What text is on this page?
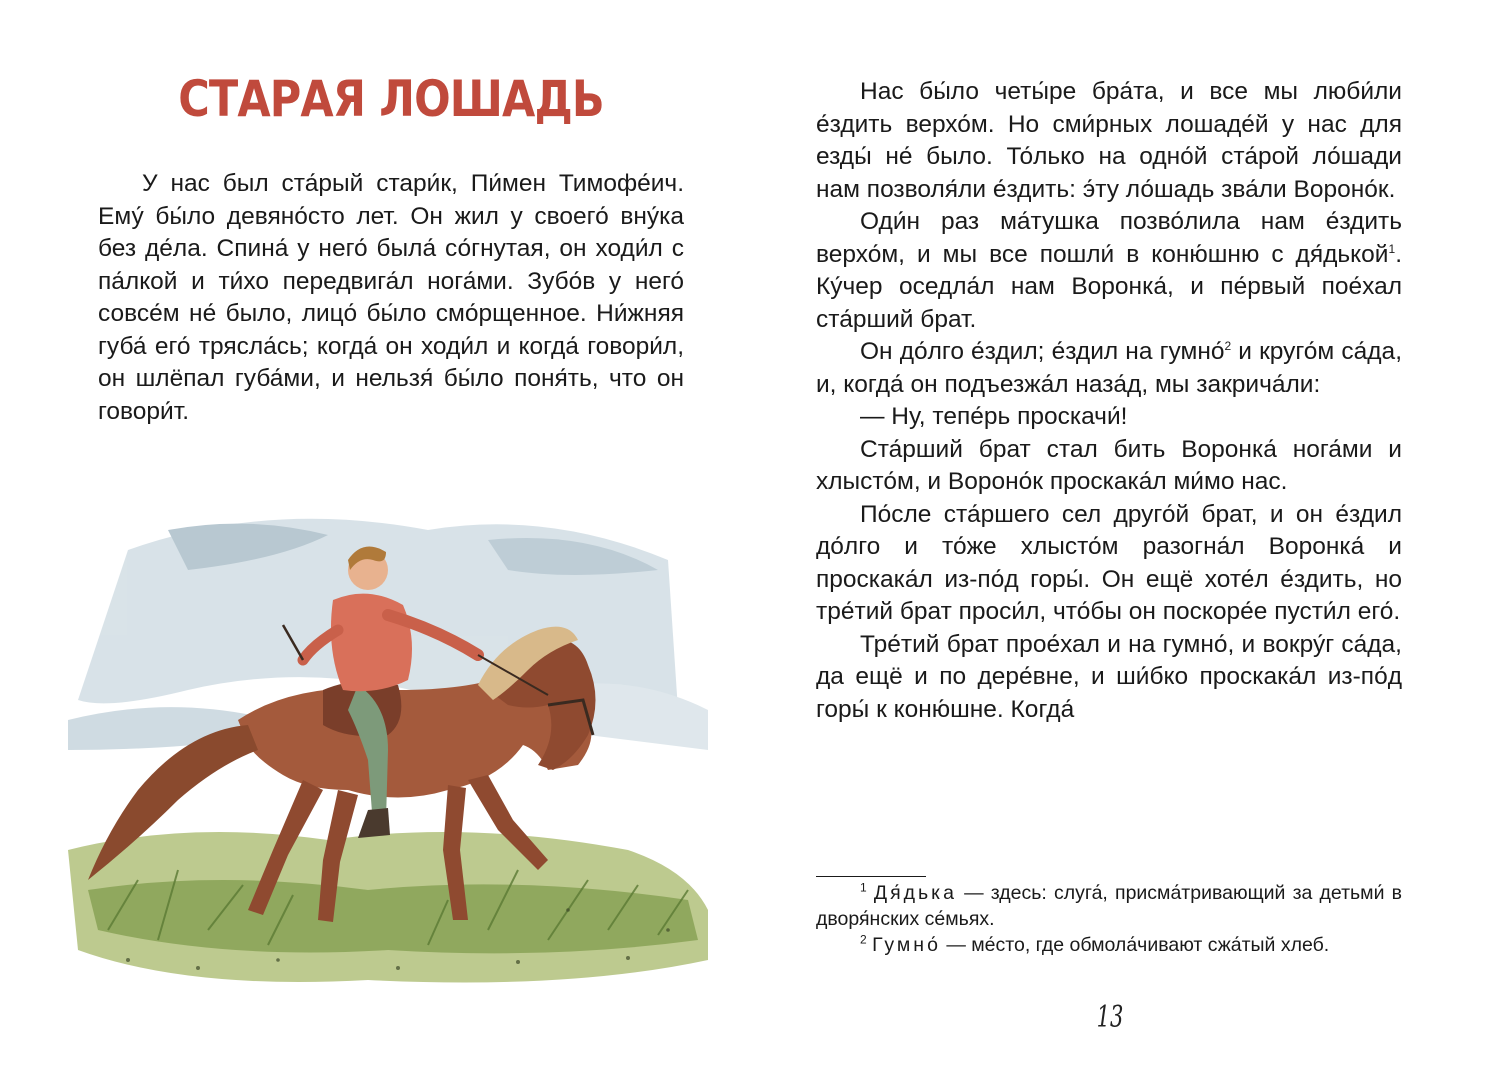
СТАРАЯ ЛОШАДЬ

У нас был ста́рый стари́к, Пи́мен Тимофе́ич. Ему́ бы́ло девяно́сто лет. Он жил у своего́ вну́ка без де́ла. Спина́ у него́ была́ со́гнутая, он ходи́л с па́лкой и ти́хо передвига́л нога́ми. Зубо́в у него́ совсе́м не́ было, лицо́ бы́ло смо́рщенное. Ни́жняя губа́ его́ трясла́сь; когда́ он ходи́л и когда́ говори́л, он шлёпал губа́ми, и нельзя́ бы́ло поня́ть, что он говори́т.

Нас бы́ло четы́ре бра́та, и все мы люби́ли е́здить верхо́м. Но сми́рных лошаде́й у нас для езды́ не́ было. То́лько на одно́й ста́рой ло́шади нам позволя́ли е́здить: э́ту ло́шадь зва́ли Вороно́к.

Оди́н раз ма́тушка позво́лила нам е́здить верхо́м, и мы все пошли́ в коню́шню с дя́дькой$^1$. Ку́чер оседла́л нам Воронка́, и пе́рвый пое́хал ста́рший брат.

Он до́лго е́здил; е́здил на гумно́$^2$ и круго́м са́да, и, когда́ он подъезжа́л наза́д, мы закрича́ли:

— Ну, тепе́рь проскачи́!

Ста́рший брат стал бить Воронка́ нога́ми и хлысто́м, и Вороно́к проскака́л ми́мо нас.

По́сле ста́ршего сел друго́й брат, и он е́здил до́лго и то́же хлысто́м разогна́л Воронка́ и проскака́л из-по́д горы́. Он ещё хоте́л е́здить, но тре́тий брат проси́л, что́бы он поскоре́е пусти́л его́.

Тре́тий брат прое́хал и на гумно́, и вокру́г са́да, да ещё и по дере́вне, и ши́бко проскака́л из-по́д горы́ к коню́шне. Когда́

$^1$ Дя́дька — здесь: слуга́, присма́тривающий за детьми́ в дворя́нских се́мьях.

$^2$ Гумно́ — ме́сто, где обмола́чивают сжа́тый хлеб.

13
